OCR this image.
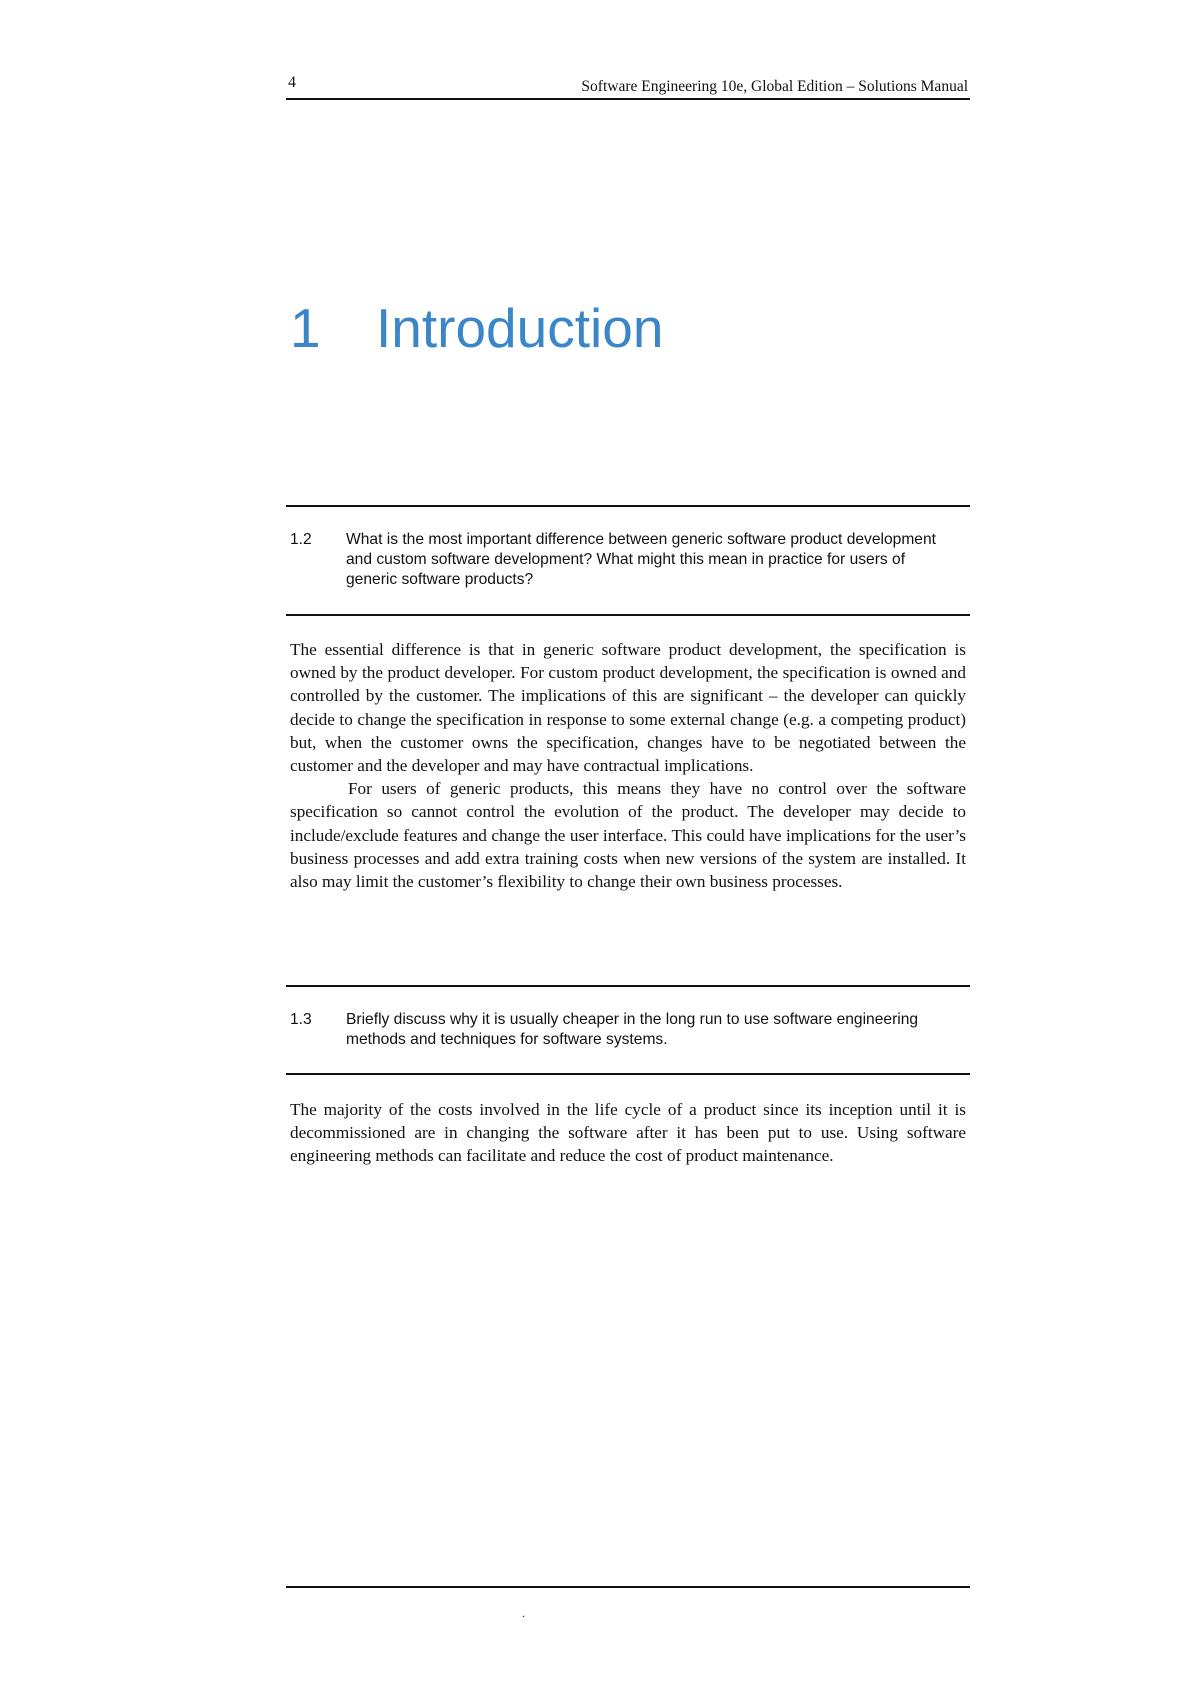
4	Software Engineering 10e, Global Edition – Solutions Manual
1 Introduction
1.2 What is the most important difference between generic software product development and custom software development? What might this mean in practice for users of generic software products?

The essential difference is that in generic software product development, the specification is owned by the product developer. For custom product development, the specification is owned and controlled by the customer. The implications of this are significant – the developer can quickly decide to change the specification in response to some external change (e.g. a competing product) but, when the customer owns the specification, changes have to be negotiated between the customer and the developer and may have contractual implications.

For users of generic products, this means they have no control over the software specification so cannot control the evolution of the product. The developer may decide to include/exclude features and change the user interface. This could have implications for the user’s business processes and add extra training costs when new versions of the system are installed. It also may limit the customer’s flexibility to change their own business processes.

1.3 Briefly discuss why it is usually cheaper in the long run to use software engineering methods and techniques for software systems.

The majority of the costs involved in the life cycle of a product since its inception until it is decommissioned are in changing the software after it has been put to use. Using software engineering methods can facilitate and reduce the cost of product maintenance.

.
